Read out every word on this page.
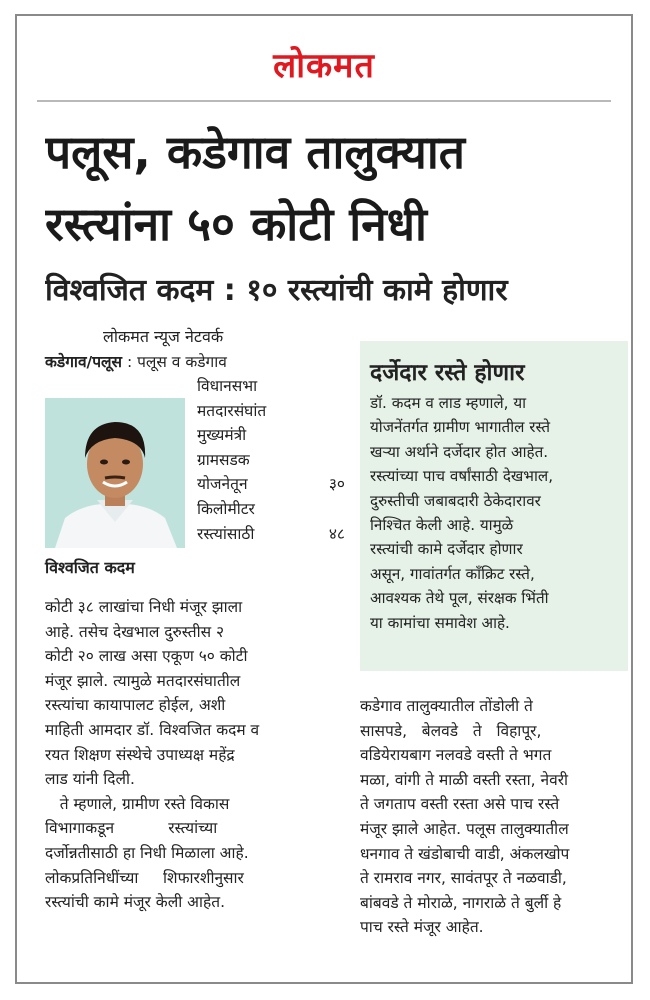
लोकमत
पलूस, कडेगाव तालुक्यात
रस्त्यांना ५० कोटी निधी
विश्वजित कदम : १० रस्त्यांची कामे होणार
लोकमत न्यूज नेटवर्क
कडेगाव/पलूस : पलूस व कडेगाव
विश्वजित कदम
विधानसभा
मतदारसंघांत
मुख्यमंत्री
ग्रामसडक
योजनेतून	३०
किलोमीटर
रस्त्यांसाठी	४८
कोटी ३८ लाखांचा निधी मंजूर झाला
आहे. तसेच देखभाल दुरुस्तीस २
कोटी २० लाख असा एकूण ५० कोटी
मंजूर झाले. त्यामुळे मतदारसंघातील
रस्त्यांचा कायापालट होईल, अशी
माहिती आमदार डॉ. विश्वजित कदम व
रयत शिक्षण संस्थेचे उपाध्यक्ष महेंद्र
लाड यांनी दिली.
ते म्हणाले, ग्रामीण रस्ते विकास
विभागाकडून           रस्त्यांच्या
दर्जोन्नतीसाठी हा निधी मिळाला आहे.
लोकप्रतिनिधींच्या     शिफारशीनुसार
रस्त्यांची कामे मंजूर केली आहेत.
दर्जेदार रस्ते होणार
डॉ. कदम व लाड म्हणाले, या
योजनेंतर्गत ग्रामीण भागातील रस्ते
खऱ्या अर्थाने दर्जेदार होत आहेत.
रस्त्यांच्या पाच वर्षांसाठी देखभाल,
दुरुस्तीची जबाबदारी ठेकेदारावर
निश्चित केली आहे. यामुळे
रस्त्यांची कामे दर्जेदार होणार
असून, गावांतर्गत कॉंक्रिट रस्ते,
आवश्यक तेथे पूल, संरक्षक भिंती
या कामांचा समावेश आहे.
कडेगाव तालुक्यातील तोंडोली ते
सासपडे,   बेलवडे   ते   विहापूर,
वडियेरायबाग नलवडे वस्ती ते भगत
मळा, वांगी ते माळी वस्ती रस्ता, नेवरी
ते जगताप वस्ती रस्ता असे पाच रस्ते
मंजूर झाले आहेत. पलूस तालुक्यातील
धनगाव ते खंडोबाची वाडी, अंकलखोप
ते रामराव नगर, सावंतपूर ते नळवाडी,
बांबवडे ते मोराळे, नागराळे ते बुर्ली हे
पाच रस्ते मंजूर आहेत.
